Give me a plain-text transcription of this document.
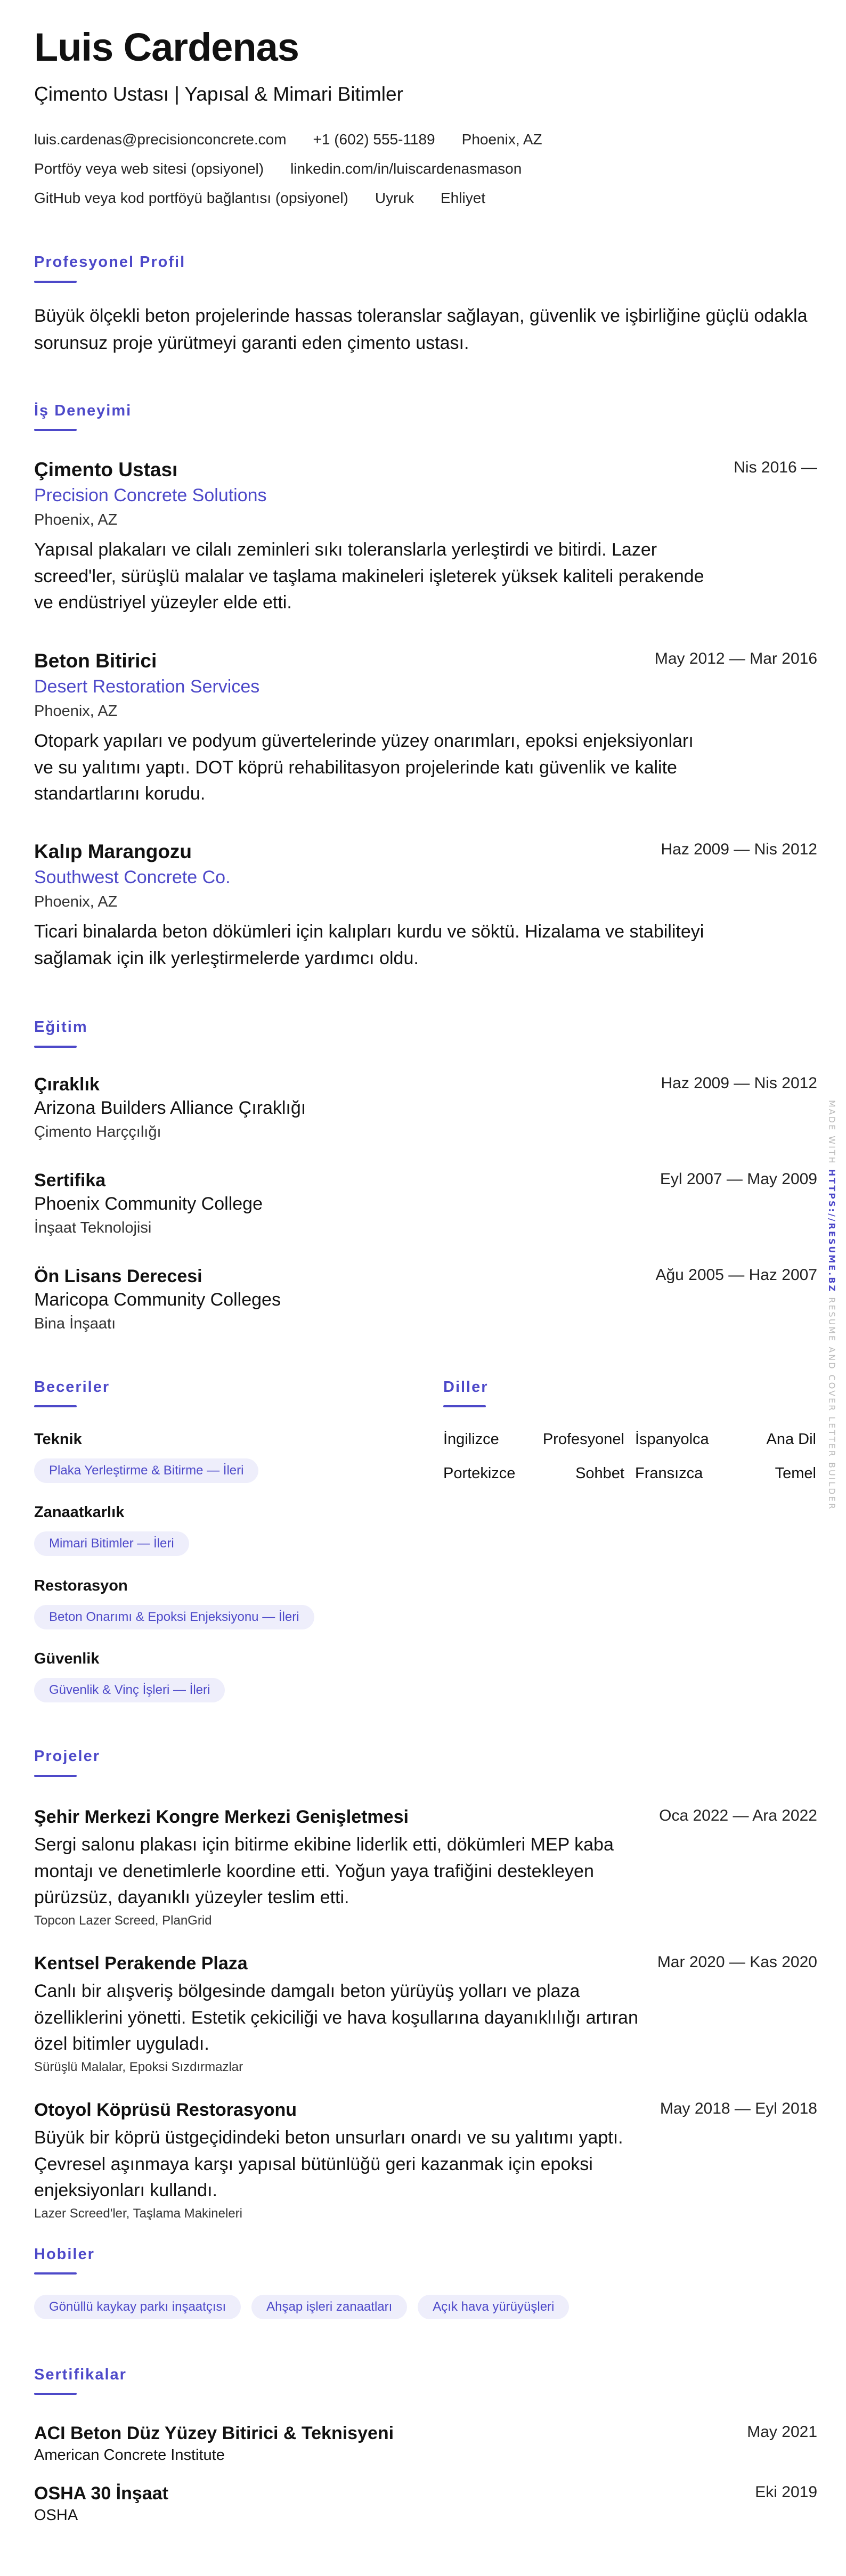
Luis Cardenas
Çimento Ustası | Yapısal & Mimari Bitimler
luis.cardenas@precisionconcrete.com +1 (602) 555-1189 Phoenix, AZ
Portföy veya web sitesi (opsiyonel) linkedin.com/in/luiscardenasmason
GitHub veya kod portföyü bağlantısı (opsiyonel) Uyruk Ehliyet
Profesyonel Profil
Büyük ölçekli beton projelerinde hassas toleranslar sağlayan, güvenlik ve işbirliğine güçlü odakla sorunsuz proje yürütmeyi garanti eden çimento ustası.
İş Deneyimi
Çimento Ustası	Nis 2016 —
Precision Concrete Solutions
Phoenix, AZ
Yapısal plakaları ve cilalı zeminleri sıkı toleranslarla yerleştirdi ve bitirdi. Lazer screed'ler, sürüşlü malalar ve taşlama makineleri işleterek yüksek kaliteli perakende ve endüstriyel yüzeyler elde etti.
Beton Bitirici	May 2012 — Mar 2016
Desert Restoration Services
Phoenix, AZ
Otopark yapıları ve podyum güvertelerinde yüzey onarımları, epoksi enjeksiyonları ve su yalıtımı yaptı. DOT köprü rehabilitasyon projelerinde katı güvenlik ve kalite standartlarını korudu.
Kalıp Marangozu	Haz 2009 — Nis 2012
Southwest Concrete Co.
Phoenix, AZ
Ticari binalarda beton dökümleri için kalıpları kurdu ve söktü. Hizalama ve stabiliteyi sağlamak için ilk yerleştirmelerde yardımcı oldu.
Eğitim
Çıraklık	Haz 2009 — Nis 2012
Arizona Builders Alliance Çıraklığı
Çimento Harççılığı
Sertifika	Eyl 2007 — May 2009
Phoenix Community College
İnşaat Teknolojisi
Ön Lisans Derecesi	Ağu 2005 — Haz 2007
Maricopa Community Colleges
Bina İnşaatı
Beceriler
Teknik
Plaka Yerleştirme & Bitirme — İleri
Zanaatkarlık
Mimari Bitimler — İleri
Restorasyon
Beton Onarımı & Epoksi Enjeksiyonu — İleri
Güvenlik
Güvenlik & Vinç İşleri — İleri
Diller
İngilizce	Profesyonel İspanyolca	Ana Dil
Portekizce	Sohbet Fransızca	Temel
Projeler
Şehir Merkezi Kongre Merkezi Genişletmesi	Oca 2022 — Ara 2022
Sergi salonu plakası için bitirme ekibine liderlik etti, dökümleri MEP kaba montajı ve denetimlerle koordine etti. Yoğun yaya trafiğini destekleyen pürüzsüz, dayanıklı yüzeyler teslim etti.
Topcon Lazer Screed, PlanGrid
Kentsel Perakende Plaza	Mar 2020 — Kas 2020
Canlı bir alışveriş bölgesinde damgalı beton yürüyüş yolları ve plaza özelliklerini yönetti. Estetik çekiciliği ve hava koşullarına dayanıklılığı artıran özel bitimler uyguladı.
Sürüşlü Malalar, Epoksi Sızdırmazlar
Otoyol Köprüsü Restorasyonu	May 2018 — Eyl 2018
Büyük bir köprü üstgeçidindeki beton unsurları onardı ve su yalıtımı yaptı. Çevresel aşınmaya karşı yapısal bütünlüğü geri kazanmak için epoksi enjeksiyonları kullandı.
Lazer Screed'ler, Taşlama Makineleri
Hobiler
Gönüllü kaykay parkı inşaatçısı	Ahşap işleri zanaatları	Açık hava yürüyüşleri
Sertifikalar
ACI Beton Düz Yüzey Bitirici & Teknisyeni	May 2021
American Concrete Institute
OSHA 30 İnşaat	Eki 2019
OSHA
MADE WITH HTTPS://RESUME.BZ RESUME AND COVER LETTER BUILDER
